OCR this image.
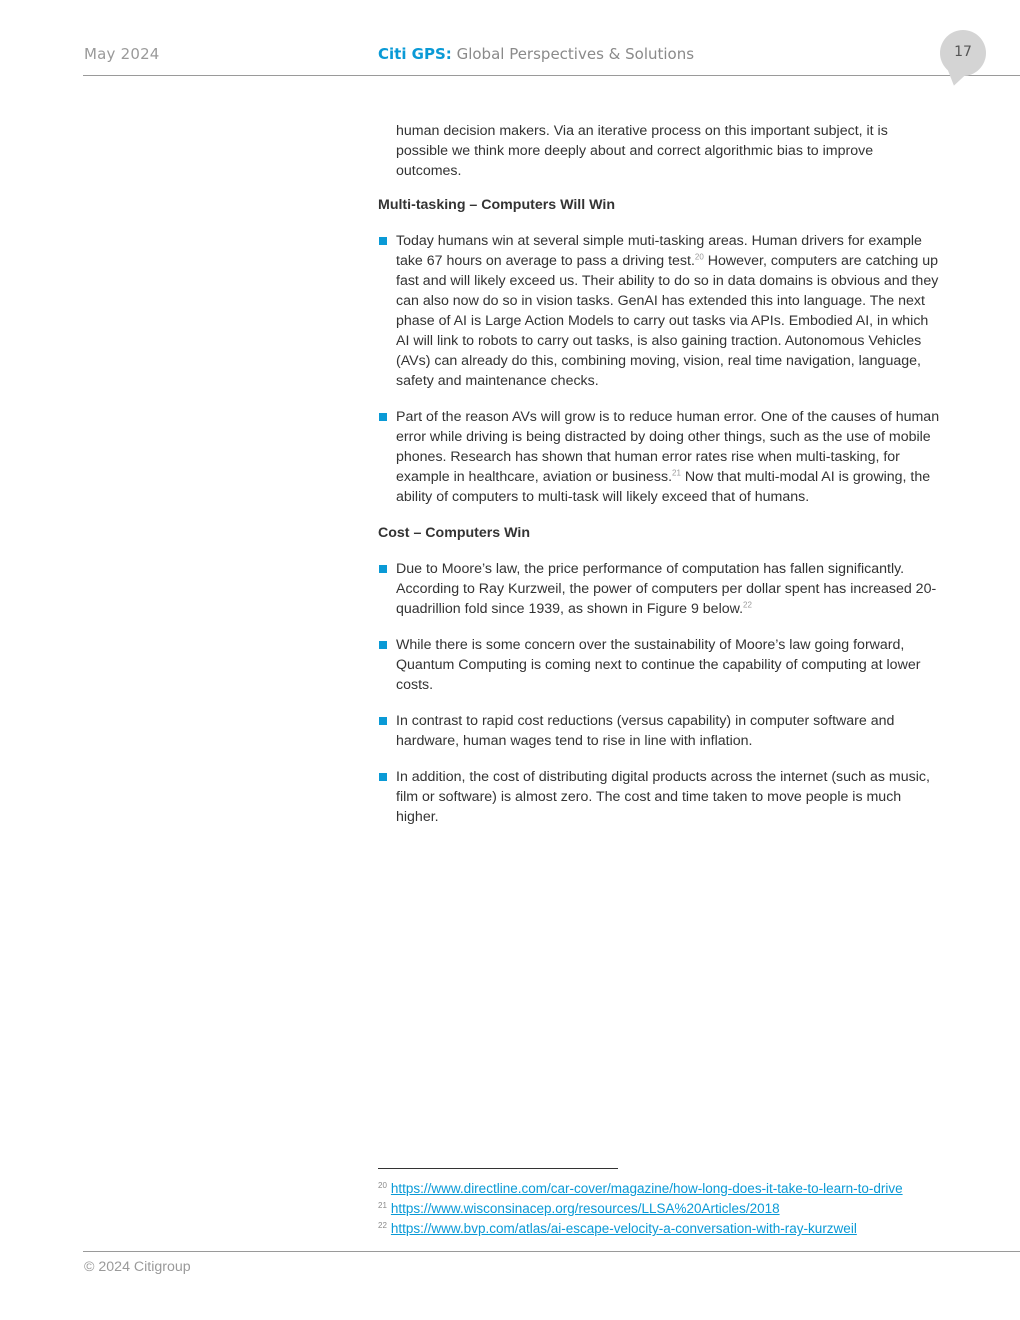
May 2024	Citi GPS: Global Perspectives & Solutions	17

human decision makers. Via an iterative process on this important subject, it is possible we think more deeply about and correct algorithmic bias to improve outcomes.

Multi-tasking – Computers Will Win
Today humans win at several simple muti-tasking areas. Human drivers for example take 67 hours on average to pass a driving test.$^{20}$ However, computers are catching up fast and will likely exceed us. Their ability to do so in data domains is obvious and they can also now do so in vision tasks. GenAI has extended this into language. The next phase of AI is Large Action Models to carry out tasks via APIs. Embodied AI, in which AI will link to robots to carry out tasks, is also gaining traction. Autonomous Vehicles (AVs) can already do this, combining moving, vision, real time navigation, language, safety and maintenance checks.
Part of the reason AVs will grow is to reduce human error. One of the causes of human error while driving is being distracted by doing other things, such as the use of mobile phones. Research has shown that human error rates rise when multi-tasking, for example in healthcare, aviation or business.$^{21}$ Now that multi-modal AI is growing, the ability of computers to multi-task will likely exceed that of humans.
Cost – Computers Win
Due to Moore’s law, the price performance of computation has fallen significantly. According to Ray Kurzweil, the power of computers per dollar spent has increased 20-quadrillion fold since 1939, as shown in Figure 9 below.$^{22}$
While there is some concern over the sustainability of Moore’s law going forward, Quantum Computing is coming next to continue the capability of computing at lower costs.
In contrast to rapid cost reductions (versus capability) in computer software and hardware, human wages tend to rise in line with inflation.
In addition, the cost of distributing digital products across the internet (such as music, film or software) is almost zero. The cost and time taken to move people is much higher.
$^{20}$ https://www.directline.com/car-cover/magazine/how-long-does-it-take-to-learn-to-drive
$^{21}$ https://www.wisconsinacep.org/resources/LLSA%20Articles/2018
$^{22}$ https://www.bvp.com/atlas/ai-escape-velocity-a-conversation-with-ray-kurzweil
© 2024 Citigroup
